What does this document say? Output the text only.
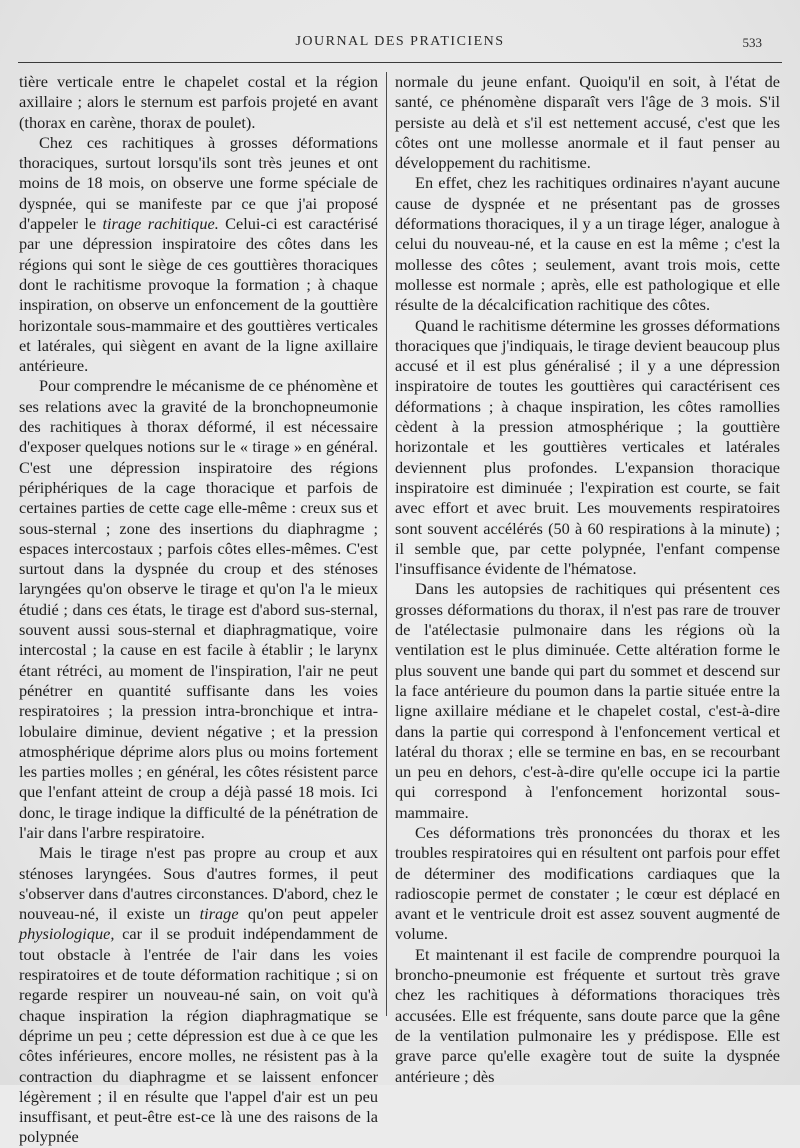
JOURNAL DES PRATICIENS	533

tière verticale entre le chapelet costal et la région axillaire ; alors le sternum est parfois projeté en avant (thorax en carène, thorax de poulet).

Chez ces rachitiques à grosses déformations thoraciques, surtout lorsqu'ils sont très jeunes et ont moins de 18 mois, on observe une forme spéciale de dyspnée, qui se manifeste par ce que j'ai proposé d'appeler le tirage rachitique. Celui-ci est caractérisé par une dépression inspiratoire des côtes dans les régions qui sont le siège de ces gouttières thoraciques dont le rachitisme provoque la formation ; à chaque inspiration, on observe un enfoncement de la gouttière horizontale sous-mammaire et des gouttières verticales et latérales, qui siègent en avant de la ligne axillaire antérieure.

Pour comprendre le mécanisme de ce phénomène et ses relations avec la gravité de la bronchopneumonie des rachitiques à thorax déformé, il est nécessaire d'exposer quelques notions sur le « tirage » en général. C'est une dépression inspiratoire des régions périphériques de la cage thoracique et parfois de certaines parties de cette cage elle-même : creux sus et sous-sternal ; zone des insertions du diaphragme ; espaces intercostaux ; parfois côtes elles-mêmes. C'est surtout dans la dyspnée du croup et des sténoses laryngées qu'on observe le tirage et qu'on l'a le mieux étudié ; dans ces états, le tirage est d'abord sus-sternal, souvent aussi sous-sternal et diaphragmatique, voire intercostal ; la cause en est facile à établir ; le larynx étant rétréci, au moment de l'inspiration, l'air ne peut pénétrer en quantité suffisante dans les voies respiratoires ; la pression intra-bronchique et intra-lobulaire diminue, devient négative ; et la pression atmosphérique déprime alors plus ou moins fortement les parties molles ; en général, les côtes résistent parce que l'enfant atteint de croup a déjà passé 18 mois. Ici donc, le tirage indique la difficulté de la pénétration de l'air dans l'arbre respiratoire.

Mais le tirage n'est pas propre au croup et aux sténoses laryngées. Sous d'autres formes, il peut s'observer dans d'autres circonstances. D'abord, chez le nouveau-né, il existe un tirage qu'on peut appeler physiologique, car il se produit indépendamment de tout obstacle à l'entrée de l'air dans les voies respiratoires et de toute déformation rachitique ; si on regarde respirer un nouveau-né sain, on voit qu'à chaque inspiration la région diaphragmatique se déprime un peu ; cette dépression est due à ce que les côtes inférieures, encore molles, ne résistent pas à la contraction du diaphragme et se laissent enfoncer légèrement ; il en résulte que l'appel d'air est un peu insuffisant, et peut-être est-ce là une des raisons de la polypnée

normale du jeune enfant. Quoiqu'il en soit, à l'état de santé, ce phénomène disparaît vers l'âge de 3 mois. S'il persiste au delà et s'il est nettement accusé, c'est que les côtes ont une mollesse anormale et il faut penser au développement du rachitisme.

En effet, chez les rachitiques ordinaires n'ayant aucune cause de dyspnée et ne présentant pas de grosses déformations thoraciques, il y a un tirage léger, analogue à celui du nouveau-né, et la cause en est la même ; c'est la mollesse des côtes ; seulement, avant trois mois, cette mollesse est normale ; après, elle est pathologique et elle résulte de la décalcification rachitique des côtes.

Quand le rachitisme détermine les grosses déformations thoraciques que j'indiquais, le tirage devient beaucoup plus accusé et il est plus généralisé ; il y a une dépression inspiratoire de toutes les gouttières qui caractérisent ces déformations ; à chaque inspiration, les côtes ramollies cèdent à la pression atmosphérique ; la gouttière horizontale et les gouttières verticales et latérales deviennent plus profondes. L'expansion thoracique inspiratoire est diminuée ; l'expiration est courte, se fait avec effort et avec bruit. Les mouvements respiratoires sont souvent accélérés (50 à 60 respirations à la minute) ; il semble que, par cette polypnée, l'enfant compense l'insuffisance évidente de l'hématose.

Dans les autopsies de rachitiques qui présentent ces grosses déformations du thorax, il n'est pas rare de trouver de l'atélectasie pulmonaire dans les régions où la ventilation est le plus diminuée. Cette altération forme le plus souvent une bande qui part du sommet et descend sur la face antérieure du poumon dans la partie située entre la ligne axillaire médiane et le chapelet costal, c'est-à-dire dans la partie qui correspond à l'enfoncement vertical et latéral du thorax ; elle se termine en bas, en se recourbant un peu en dehors, c'est-à-dire qu'elle occupe ici la partie qui correspond à l'enfoncement horizontal sous-mammaire.

Ces déformations très prononcées du thorax et les troubles respiratoires qui en résultent ont parfois pour effet de déterminer des modifications cardiaques que la radioscopie permet de constater ; le cœur est déplacé en avant et le ventricule droit est assez souvent augmenté de volume.

Et maintenant il est facile de comprendre pourquoi la broncho-pneumonie est fréquente et surtout très grave chez les rachitiques à déformations thoraciques très accusées. Elle est fréquente, sans doute parce que la gêne de la ventilation pulmonaire les y prédispose. Elle est grave parce qu'elle exagère tout de suite la dyspnée antérieure ; dès
